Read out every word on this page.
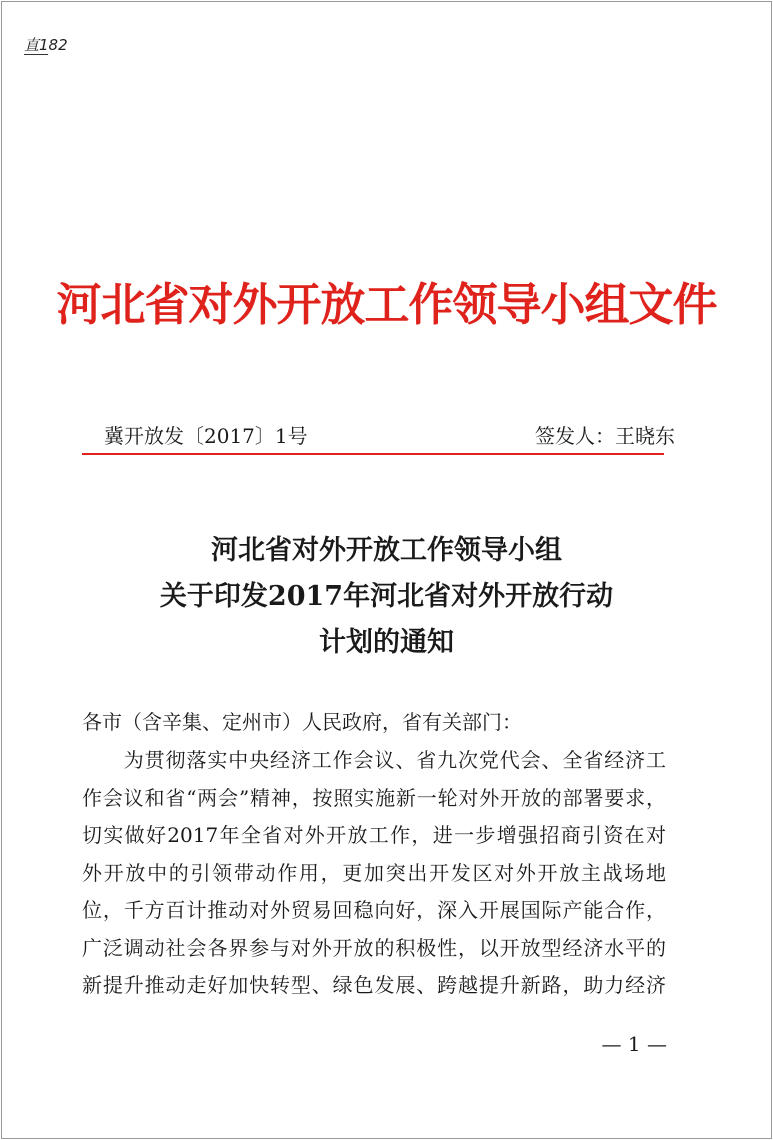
直182
河北省对外开放工作领导小组文件
冀开放发〔2017〕1号	签发人：王晓东
河北省对外开放工作领导小组
关于印发2017年河北省对外开放行动
计划的通知
各市（含辛集、定州市）人民政府，省有关部门：
　　为贯彻落实中央经济工作会议、省九次党代会、全省经济工
作会议和省“两会”精神，按照实施新一轮对外开放的部署要求，
切实做好2017年全省对外开放工作，进一步增强招商引资在对
外开放中的引领带动作用，更加突出开发区对外开放主战场地
位，千方百计推动对外贸易回稳向好，深入开展国际产能合作，
广泛调动社会各界参与对外开放的积极性，以开放型经济水平的
新提升推动走好加快转型、绿色发展、跨越提升新路，助力经济
— 1 —
